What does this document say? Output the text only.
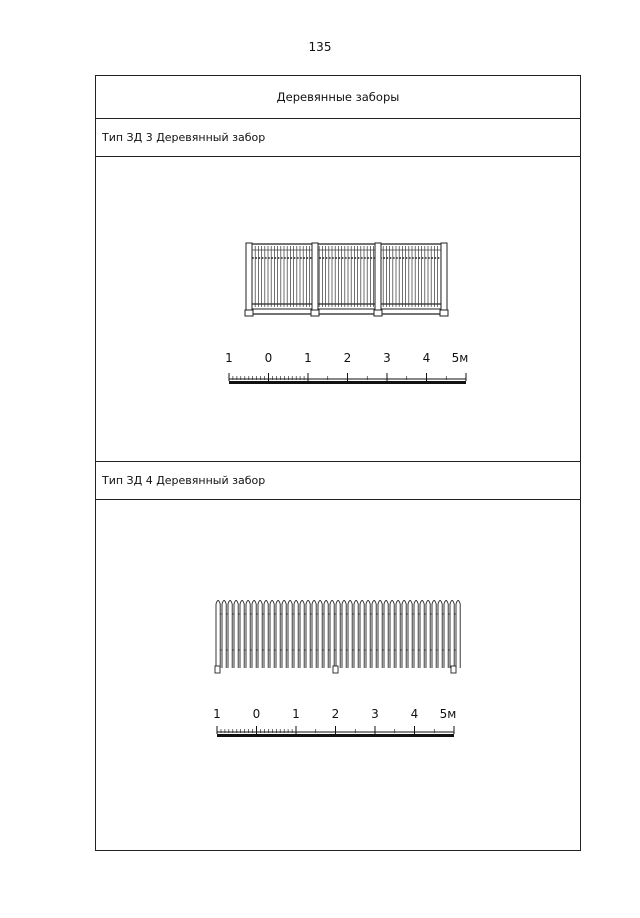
135
Деревянные заборы
Тип ЗД 3 Деревянный забор
1	0	1	2	3	4 5м
Тип ЗД 4 Деревянный забор
1	0	1	2	3	4 5м
